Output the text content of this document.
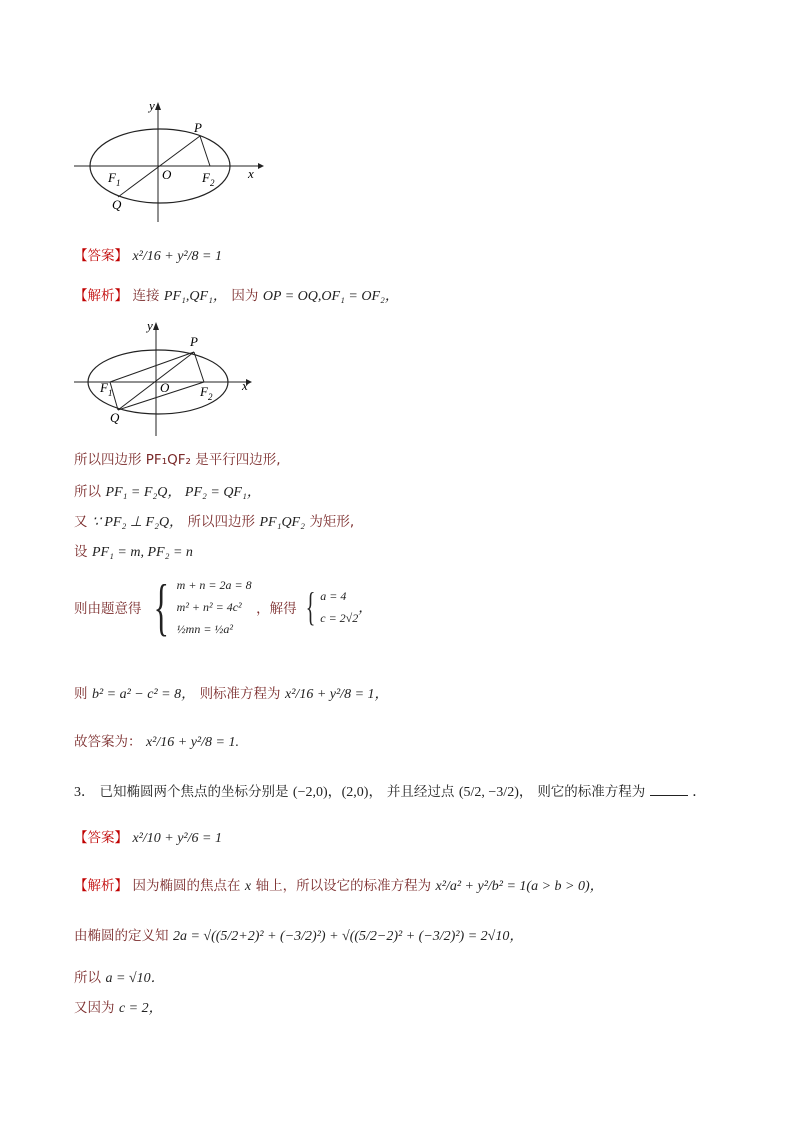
y
x
P
Q
O
F 1	F 2
【答案】 x²/16 + y²/8 = 1
【解析】 连接 PF₁,QF₁， 因为 OP = OQ,OF₁ = OF₂，
y
x
P
Q
O
F 1	F 2
所以四边形 PF₁QF₂ 是平行四边形,
所以 PF₁ = F₂Q， PF₂ = QF₁，
又 ∵ PF₂ ⊥ F₂Q， 所以四边形 PF₁QF₂ 为矩形,
设 PF₁ = m, PF₂ = n
则由题意得 { m + n = 2a = 8
m² + n² = 4c²
½mn = ½a²
，解得 { a = 4
c = 2√2
，
则 b² = a² − c² = 8， 则标准方程为 x²/16 + y²/8 = 1，
故答案为： x²/16 + y²/8 = 1.
3． 已知椭圆两个焦点的坐标分别是 (−2,0)，(2,0)， 并且经过点 (5/2, −3/2)， 则它的标准方程为	．
【答案】 x²/10 + y²/6 = 1
【解析】 因为椭圆的焦点在 x 轴上，所以设它的标准方程为 x²/a² + y²/b² = 1(a > b > 0)，
由椭圆的定义知 2a = √((5/2+2)² + (−3/2)²) + √((5/2−2)² + (−3/2)²) = 2√10，
所以 a = √10．
又因为 c = 2，
